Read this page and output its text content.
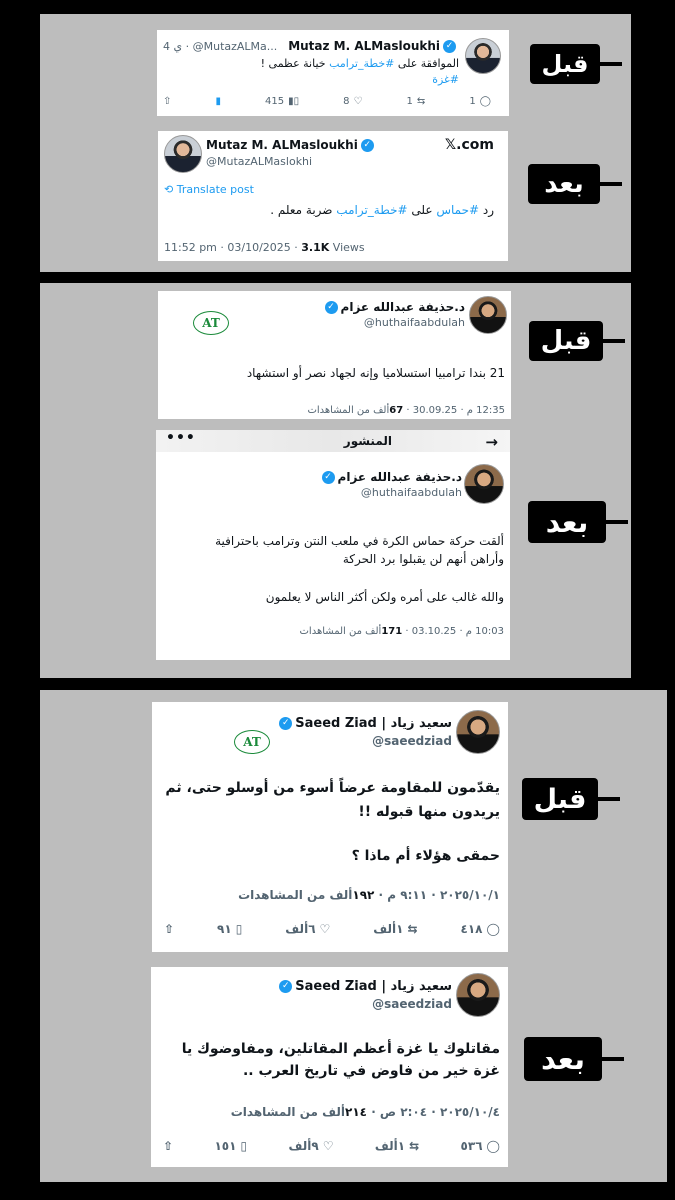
Mutaz M. ALMasloukhi ✓
4 ي · @MutazALMa...
الموافقة على #خطة_ترامب خيانة عظمى !
#غزة
⇧	▮	415 ▮▯	8 ♡	1 ⇆	1 ◯
قبل
Mutaz M. ALMasloukhi ✓
@MutazALMaslokhi
𝕏.com
⟲ Translate post
رد #حماس على #خطة_ترامب ضربة معلم .
11:52 pm · 03/10/2025 · 3.1K Views
بعد
د.حذيفة عبدالله عزام✓
@huthaifaabdulah
AT
21 بندا ترامبيا استسلاميا وإنه لجهاد نصر أو استشهاد
12:35 م · 30.09.25 · 67ألف من المشاهدات
قبل
→
المنشور
•••
د.حذيفة عبدالله عزام✓
@huthaifaabdulah
ألقت حركة حماس الكرة في ملعب النتن وترامب باحترافية
وأراهن أنهم لن يقبلوا برد الحركة
والله غالب على أمره ولكن أكثر الناس لا يعلمون
10:03 م · 03.10.25 · 171ألف من المشاهدات
بعد
سعيد زياد | Saeed Ziad✓
@saeedziad
AT
يقدّمون للمقاومة عرضاً أسوء من أوسلو حتى، ثم
يريدون منها قبوله !!
حمقى هؤلاء أم ماذا ؟
٢٠٢٥/١٠/١ · ٩:١١ م · ١٩٢ألف من المشاهدات
⇧	٩١ ▯	٦ألف ♡	١ألف ⇆	٤١٨ ◯
قبل
سعيد زياد | Saeed Ziad✓
@saeedziad
مقاتلوك يا غزة أعظم المقاتلين، ومفاوضوك يا
غزة خير من فاوض في تاريخ العرب ..
٢٠٢٥/١٠/٤ · ٢:٠٤ ص · ٢١٤ألف من المشاهدات
⇧	١٥١ ▯	٩ألف ♡	١ألف ⇆	٥٣٦ ◯
بعد
